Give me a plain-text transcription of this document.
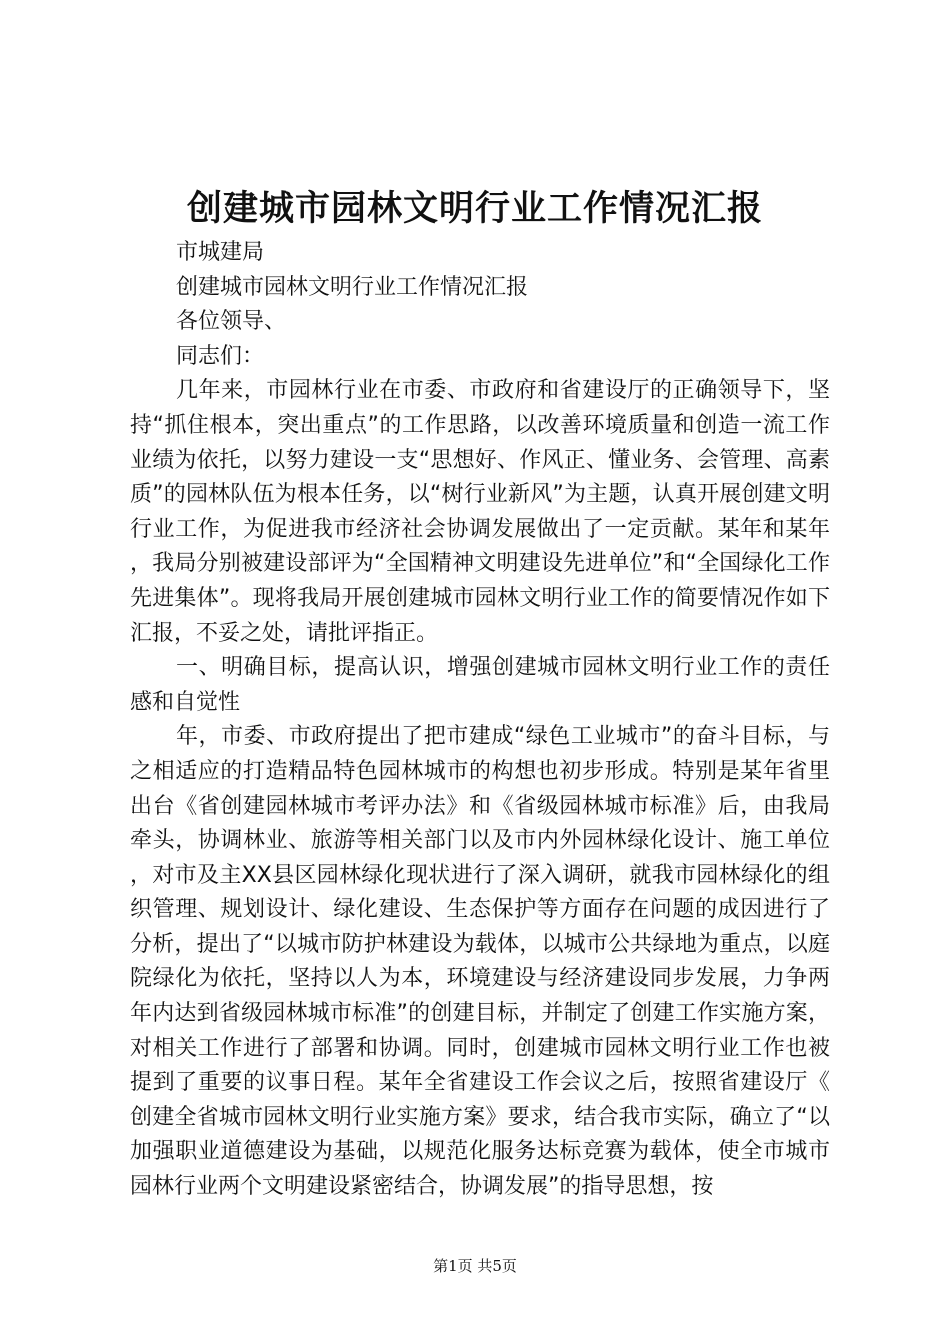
创建城市园林文明行业工作情况汇报

市城建局

创建城市园林文明行业工作情况汇报

各位领导、

同志们：

几年来，市园林行业在市委、市政府和省建设厅的正确领导下，坚持“抓住根本，突出重点”的工作思路，以改善环境质量和创造一流工作业绩为依托，以努力建设一支“思想好、作风正、懂业务、会管理、高素质”的园林队伍为根本任务，以“树行业新风”为主题，认真开展创建文明行业工作，为促进我市经济社会协调发展做出了一定贡献。某年和某年，我局分别被建设部评为“全国精神文明建设先进单位”和“全国绿化工作先进集体”。现将我局开展创建城市园林文明行业工作的简要情况作如下汇报，不妥之处，请批评指正。

一、明确目标，提高认识，增强创建城市园林文明行业工作的责任感和自觉性

年，市委、市政府提出了把市建成“绿色工业城市”的奋斗目标，与之相适应的打造精品特色园林城市的构想也初步形成。特别是某年省里出台《省创建园林城市考评办法》和《省级园林城市标准》后，由我局牵头，协调林业、旅游等相关部门以及市内外园林绿化设计、施工单位，对市及主XX县区园林绿化现状进行了深入调研，就我市园林绿化的组织管理、规划设计、绿化建设、生态保护等方面存在问题的成因进行了分析，提出了“以城市防护林建设为载体，以城市公共绿地为重点，以庭院绿化为依托，坚持以人为本，环境建设与经济建设同步发展，力争两年内达到省级园林城市标准”的创建目标，并制定了创建工作实施方案，对相关工作进行了部署和协调。同时，创建城市园林文明行业工作也被提到了重要的议事日程。某年全省建设工作会议之后，按照省建设厅《创建全省城市园林文明行业实施方案》要求，结合我市实际，确立了“以加强职业道德建设为基础，以规范化服务达标竞赛为载体，使全市城市园林行业两个文明建设紧密结合，协调发展”的指导思想，按

第1页 共5页
